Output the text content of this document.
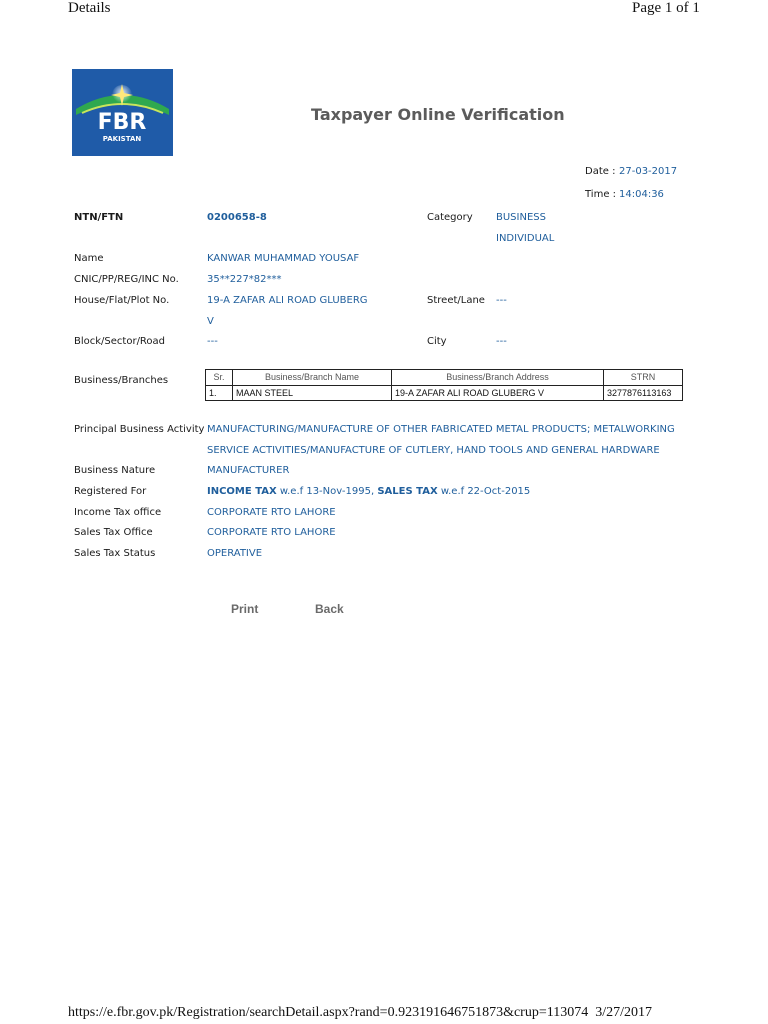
Details	Page 1 of 1
FBR
PAKISTAN
Taxpayer Online Verification
Date : 27-03-2017
Time : 14:04:36
NTN/FTN	0200658-8	Category BUSINESS
INDIVIDUAL
Name	KANWAR MUHAMMAD YOUSAF
CNIC/PP/REG/INC No.	35**227*82***
House/Flat/Plot No.	19-A ZAFAR ALI ROAD GLUBERG
V
Street/Lane ---
Block/Sector/Road	---	City	---
Business/Branches	Sr.	Business/Branch Name	Business/Branch Address	STRN
1.	MAAN STEEL	19-A ZAFAR ALI ROAD GLUBERG V	3277876113163
Principal Business Activity MANUFACTURING/MANUFACTURE OF OTHER FABRICATED METAL PRODUCTS; METALWORKING
SERVICE ACTIVITIES/MANUFACTURE OF CUTLERY, HAND TOOLS AND GENERAL HARDWARE
Business Nature	MANUFACTURER
Registered For	INCOME TAX w.e.f 13-Nov-1995, SALES TAX w.e.f 22-Oct-2015
Income Tax office	CORPORATE RTO LAHORE
Sales Tax Office	CORPORATE RTO LAHORE
Sales Tax Status	OPERATIVE
Print	Back
https://e.fbr.gov.pk/Registration/searchDetail.aspx?rand=0.923191646751873&crup=113074 3/27/2017
